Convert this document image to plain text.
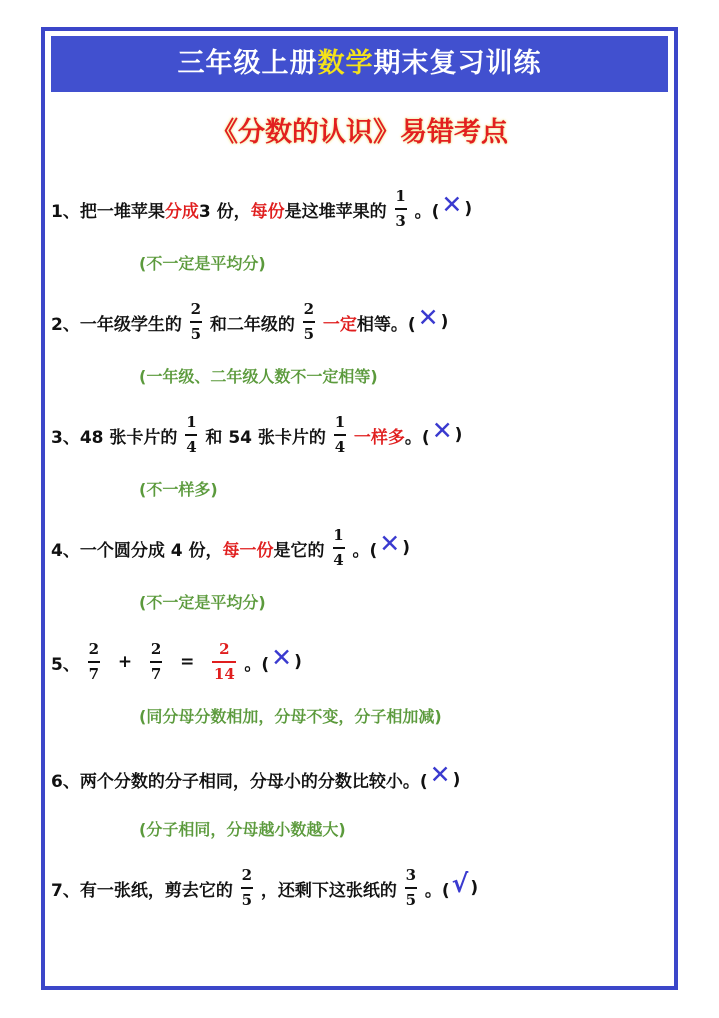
三年级上册数学期末复习训练
《分数的认识》易错考点
1、 把一堆苹果 分成 3 份， 每份 是这堆苹果的 $\frac{1}{3}$ 。( ✕ )
(不一定是平均分)
2、 一年级学生的 $\frac{2}{5}$ 和二年级的 $\frac{2}{5}$ 一定 相等。( ✕ )
(一年级、二年级人数不一定相等)
3、 48 张卡片的 $\frac{1}{4}$ 和 54 张卡片的 $\frac{1}{4}$ 一样多 。( ✕ )
(不一样多)
4、 一个圆分成 4 份， 每一份 是它的 $\frac{1}{4}$ 。( ✕ )
(不一定是平均分)
5、 $\frac{2}{7} + \frac{2}{7} = \frac{2}{14}$ 。( ✕ )
(同分母分数相加，分母不变，分子相加减)
6、 两个分数的分子相同，分母小的分数比较小。( ✕ )
(分子相同，分母越小数越大)
7、 有一张纸，剪去它的 $\frac{2}{5}$ ，还剩下这张纸的 $\frac{3}{5}$ 。( √ )
